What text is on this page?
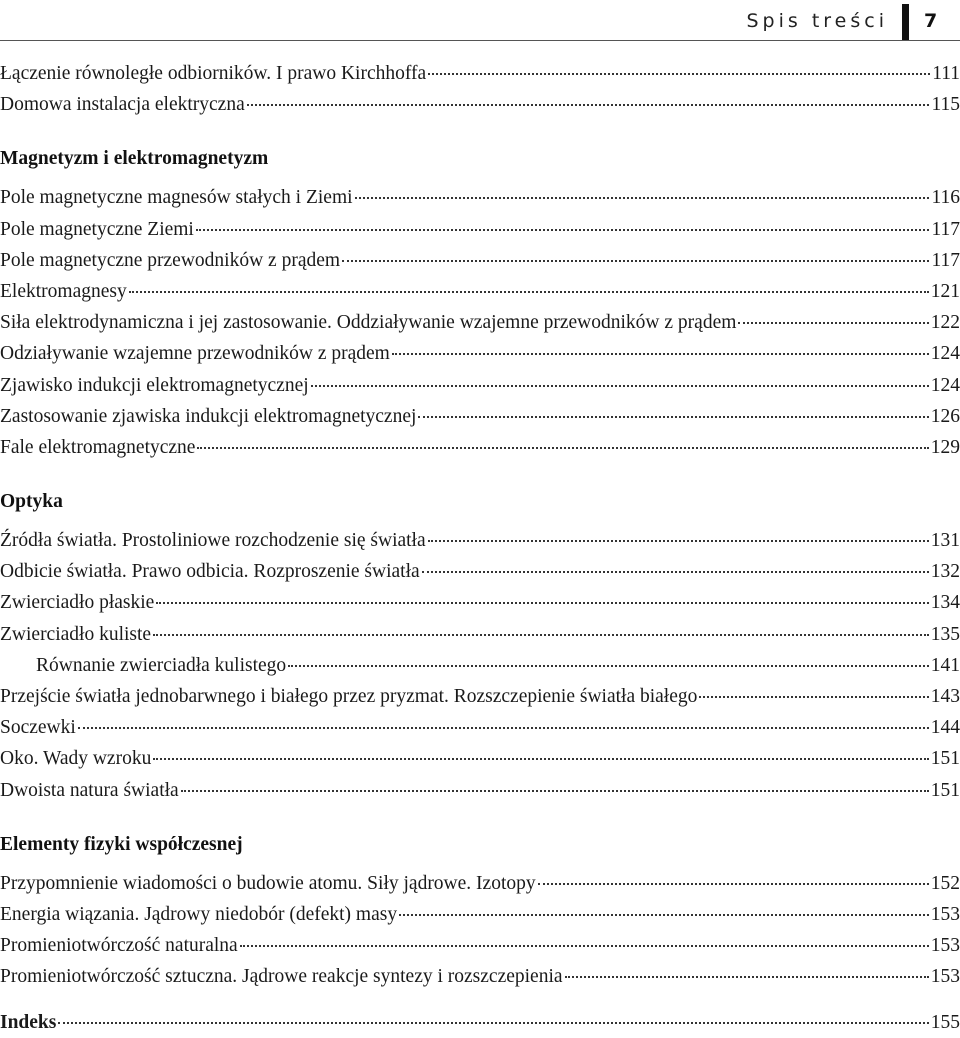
Spis treści 7
Łączenie równoległe odbiorników. I prawo Kirchhoffa	111
Domowa instalacja elektryczna	115
Magnetyzm i elektromagnetyzm
Pole magnetyczne magnesów stałych i Ziemi	116
Pole magnetyczne Ziemi	117
Pole magnetyczne przewodników z prądem	117
Elektromagnesy	121
Siła elektrodynamiczna i jej zastosowanie. Oddziaływanie wzajemne przewodników z prądem	122
Odziaływanie wzajemne przewodników z prądem	124
Zjawisko indukcji elektromagnetycznej	124
Zastosowanie zjawiska indukcji elektromagnetycznej	126
Fale elektromagnetyczne	129
Optyka
Źródła światła. Prostoliniowe rozchodzenie się światła	131
Odbicie światła. Prawo odbicia. Rozproszenie światła	132
Zwierciadło płaskie	134
Zwierciadło kuliste	135
Równanie zwierciadła kulistego	141
Przejście światła jednobarwnego i białego przez pryzmat. Rozszczepienie światła białego	143
Soczewki	144
Oko. Wady wzroku	151
Dwoista natura światła	151
Elementy fizyki współczesnej
Przypomnienie wiadomości o budowie atomu. Siły jądrowe. Izotopy	152
Energia wiązania. Jądrowy niedobór (defekt) masy	153
Promieniotwórczość naturalna	153
Promieniotwórczość sztuczna. Jądrowe reakcje syntezy i rozszczepienia	153
Indeks	155
